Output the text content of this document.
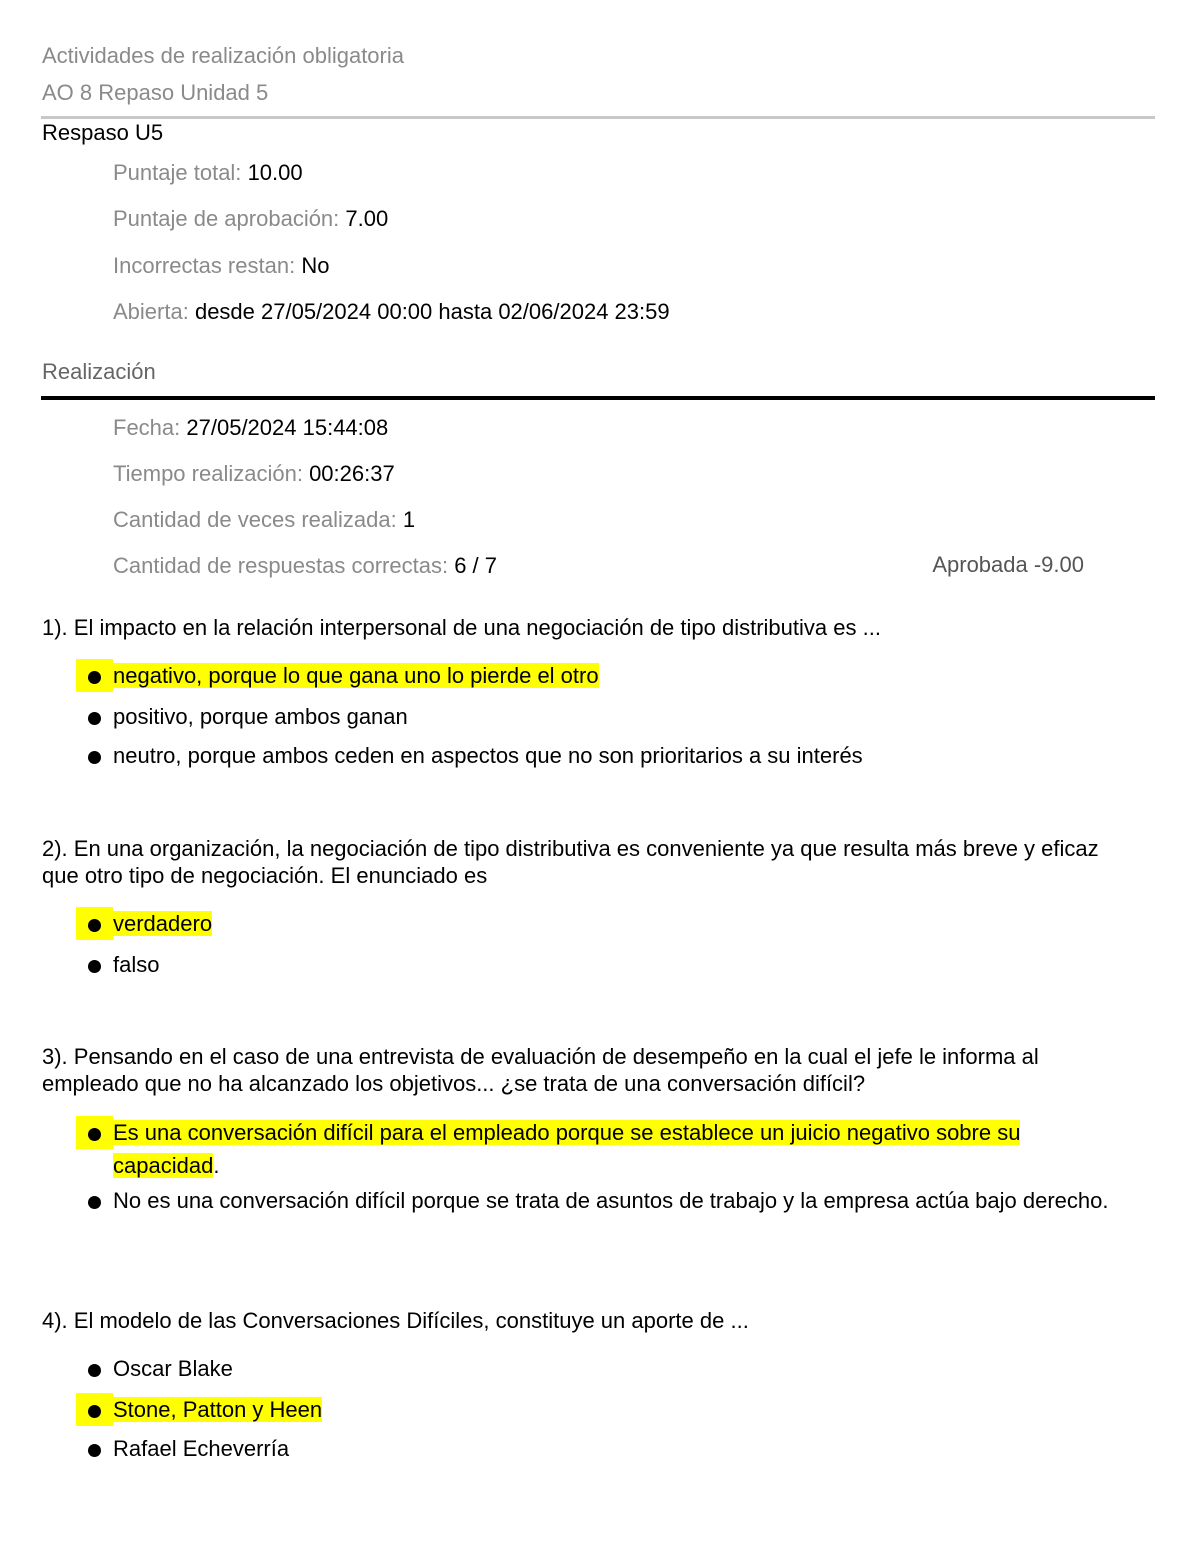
Actividades de realización obligatoria
AO 8 Repaso Unidad 5
Respaso U5
Puntaje total: 10.00
Puntaje de aprobación: 7.00
Incorrectas restan: No
Abierta: desde 27/05/2024 00:00 hasta 02/06/2024 23:59
Realización
Fecha: 27/05/2024 15:44:08
Tiempo realización: 00:26:37
Cantidad de veces realizada: 1
Cantidad de respuestas correctas: 6 / 7	Aprobada -9.00
1). El impacto en la relación interpersonal de una negociación de tipo distributiva es ...
negativo, porque lo que gana uno lo pierde el otro
positivo, porque ambos ganan
neutro, porque ambos ceden en aspectos que no son prioritarios a su interés
2). En una organización, la negociación de tipo distributiva es conveniente ya que resulta más breve y eficaz que otro tipo de negociación. El enunciado es
verdadero
falso
3). Pensando en el caso de una entrevista de evaluación de desempeño en la cual el jefe le informa al empleado que no ha alcanzado los objetivos... ¿se trata de una conversación difícil?
Es una conversación difícil para el empleado porque se establece un juicio negativo sobre su capacidad.
No es una conversación difícil porque se trata de asuntos de trabajo y la empresa actúa bajo derecho.
4). El modelo de las Conversaciones Difíciles, constituye un aporte de ...
Oscar Blake
Stone, Patton y Heen
Rafael Echeverría
